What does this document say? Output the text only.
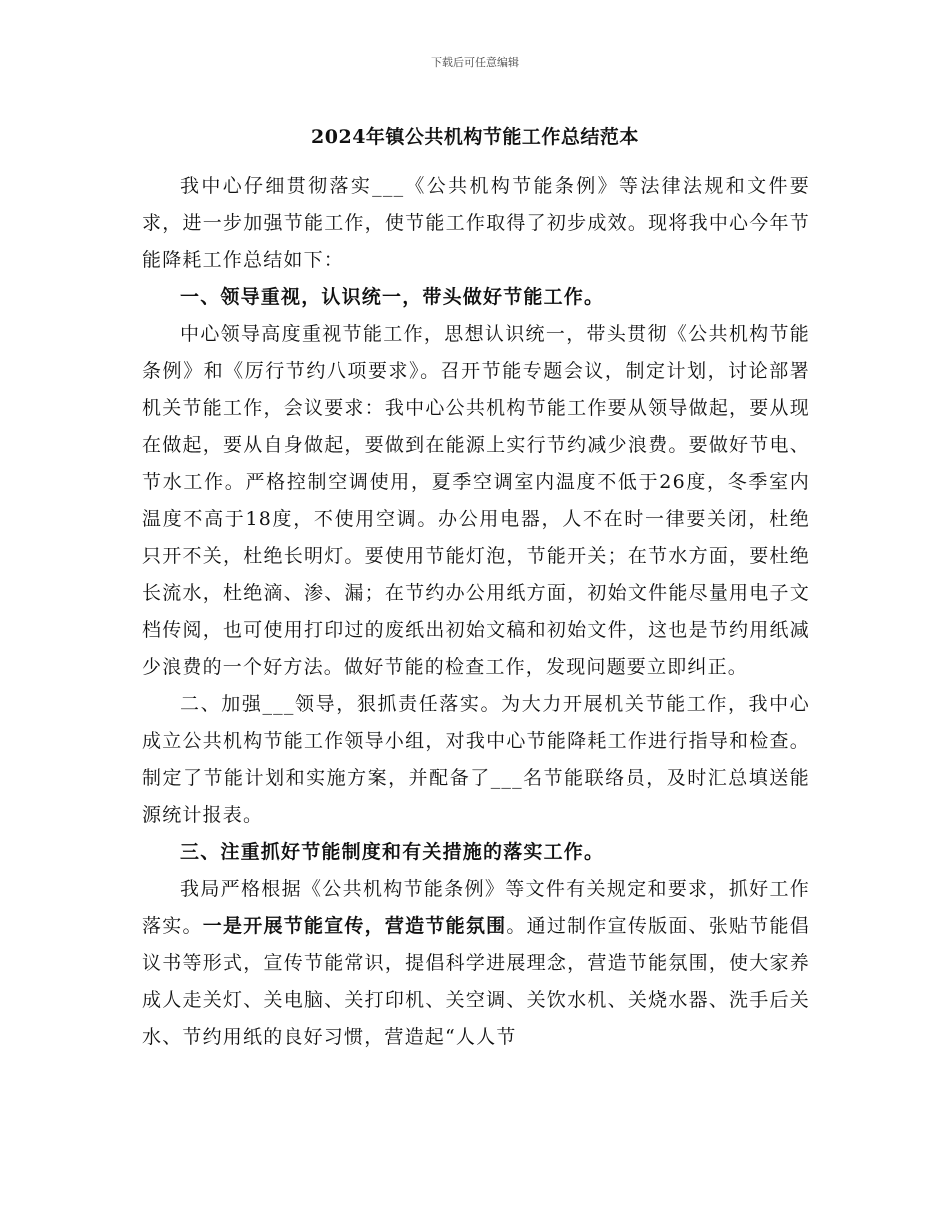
下载后可任意编辑
2024年镇公共机构节能工作总结范本

我中心仔细贯彻落实___《公共机构节能条例》等法律法规和文件要求，进一步加强节能工作，使节能工作取得了初步成效。现将我中心今年节能降耗工作总结如下：

一、领导重视，认识统一，带头做好节能工作。

中心领导高度重视节能工作，思想认识统一，带头贯彻《公共机构节能条例》和《厉行节约八项要求》。召开节能专题会议，制定计划，讨论部署机关节能工作，会议要求：我中心公共机构节能工作要从领导做起，要从现在做起，要从自身做起，要做到在能源上实行节约减少浪费。要做好节电、节水工作。严格控制空调使用，夏季空调室内温度不低于26度，冬季室内温度不高于18度，不使用空调。办公用电器，人不在时一律要关闭，杜绝只开不关，杜绝长明灯。要使用节能灯泡，节能开关；在节水方面，要杜绝长流水，杜绝滴、渗、漏；在节约办公用纸方面，初始文件能尽量用电子文档传阅，也可使用打印过的废纸出初始文稿和初始文件，这也是节约用纸减少浪费的一个好方法。做好节能的检查工作，发现问题要立即纠正。

二、加强___领导，狠抓责任落实。为大力开展机关节能工作，我中心成立公共机构节能工作领导小组，对我中心节能降耗工作进行指导和检查。制定了节能计划和实施方案，并配备了___名节能联络员，及时汇总填送能源统计报表。

三、注重抓好节能制度和有关措施的落实工作。

我局严格根据《公共机构节能条例》等文件有关规定和要求，抓好工作落实。一是开展节能宣传，营造节能氛围。通过制作宣传版面、张贴节能倡议书等形式，宣传节能常识，提倡科学进展理念，营造节能氛围，使大家养成人走关灯、关电脑、关打印机、关空调、关饮水机、关烧水器、洗手后关水、节约用纸的良好习惯，营造起“人人节
